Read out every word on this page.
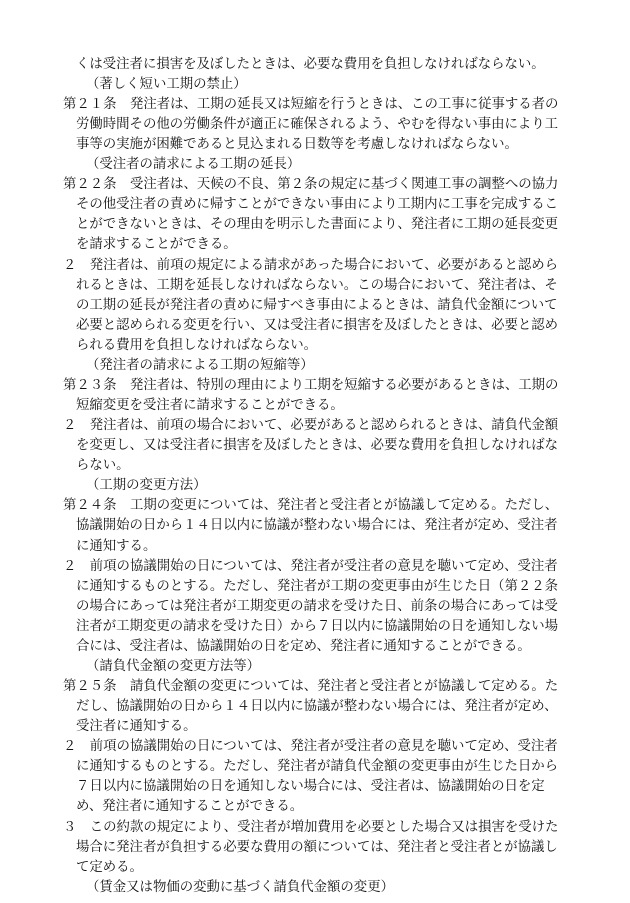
くは受注者に損害を及ぼしたときは、必要な費用を負担しなければならない。
（著しく短い工期の禁止）
第２１条　発注者は、工期の延長又は短縮を行うときは、この工事に従事する者の
労働時間その他の労働条件が適正に確保されるよう、やむを得ない事由により工
事等の実施が困難であると見込まれる日数等を考慮しなければならない。
（受注者の請求による工期の延長）
第２２条　受注者は、天候の不良、第２条の規定に基づく関連工事の調整への協力
その他受注者の責めに帰すことができない事由により工期内に工事を完成するこ
とができないときは、その理由を明示した書面により、発注者に工期の延長変更
を請求することができる。
２　発注者は、前項の規定による請求があった場合において、必要があると認めら
れるときは、工期を延長しなければならない。この場合において、発注者は、そ
の工期の延長が発注者の責めに帰すべき事由によるときは、請負代金額について
必要と認められる変更を行い、又は受注者に損害を及ぼしたときは、必要と認め
られる費用を負担しなければならない。
（発注者の請求による工期の短縮等）
第２３条　発注者は、特別の理由により工期を短縮する必要があるときは、工期の
短縮変更を受注者に請求することができる。
２　発注者は、前項の場合において、必要があると認められるときは、請負代金額
を変更し、又は受注者に損害を及ぼしたときは、必要な費用を負担しなければな
らない。
（工期の変更方法）
第２４条　工期の変更については、発注者と受注者とが協議して定める。ただし、
協議開始の日から１４日以内に協議が整わない場合には、発注者が定め、受注者
に通知する。
２　前項の協議開始の日については、発注者が受注者の意見を聴いて定め、受注者
に通知するものとする。ただし、発注者が工期の変更事由が生じた日（第２２条
の場合にあっては発注者が工期変更の請求を受けた日、前条の場合にあっては受
注者が工期変更の請求を受けた日）から７日以内に協議開始の日を通知しない場
合には、受注者は、協議開始の日を定め、発注者に通知することができる。
（請負代金額の変更方法等）
第２５条　請負代金額の変更については、発注者と受注者とが協議して定める。た
だし、協議開始の日から１４日以内に協議が整わない場合には、発注者が定め、
受注者に通知する。
２　前項の協議開始の日については、発注者が受注者の意見を聴いて定め、受注者
に通知するものとする。ただし、発注者が請負代金額の変更事由が生じた日から
７日以内に協議開始の日を通知しない場合には、受注者は、協議開始の日を定
め、発注者に通知することができる。
３　この約款の規定により、受注者が増加費用を必要とした場合又は損害を受けた
場合に発注者が負担する必要な費用の額については、発注者と受注者とが協議し
て定める。
（賃金又は物価の変動に基づく請負代金額の変更）
